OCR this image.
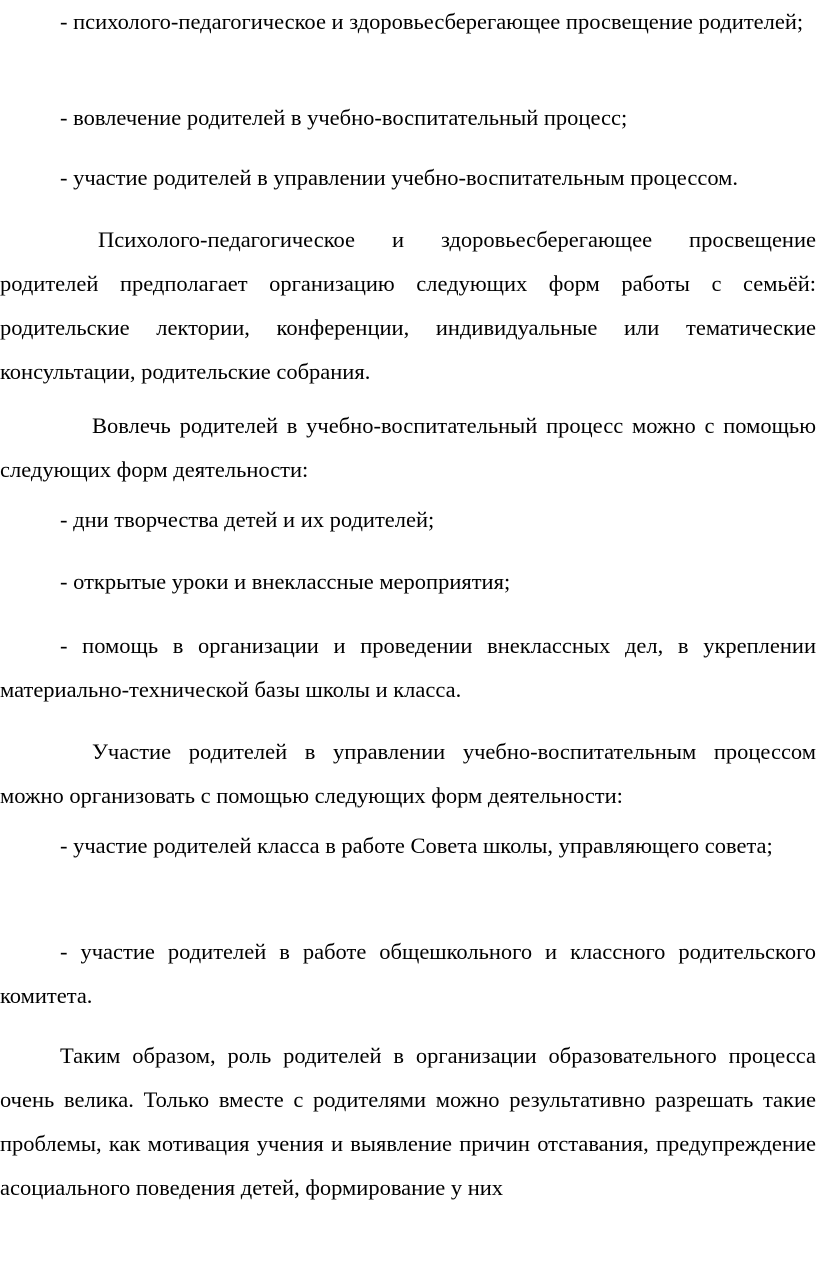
- психолого-педагогическое и здоровьесберегающее просвещение родителей;

- вовлечение родителей в учебно-воспитательный процесс;

- участие родителей в управлении учебно-воспитательным процессом.

Психолого-педагогическое и здоровьесберегающее просвещение родителей предполагает организацию следующих форм работы с семьёй: родительские лектории, конференции, индивидуальные или тематические консультации, родительские собрания.

Вовлечь родителей в учебно-воспитательный процесс можно с помощью следующих форм деятельности:

- дни творчества детей и их родителей;

- открытые уроки и внеклассные мероприятия;

- помощь в организации и проведении внеклассных дел, в укреплении материально-технической базы школы и класса.

Участие родителей в управлении учебно-воспитательным процессом можно организовать с помощью следующих форм деятельности:

- участие родителей класса в работе Совета школы, управляющего совета;

- участие родителей в работе общешкольного и классного родительского комитета.

Таким образом, роль родителей в организации образовательного процесса очень велика. Только вместе с родителями можно результативно разрешать такие проблемы, как мотивация учения и выявление причин отставания, предупреждение асоциального поведения детей, формирование у них
